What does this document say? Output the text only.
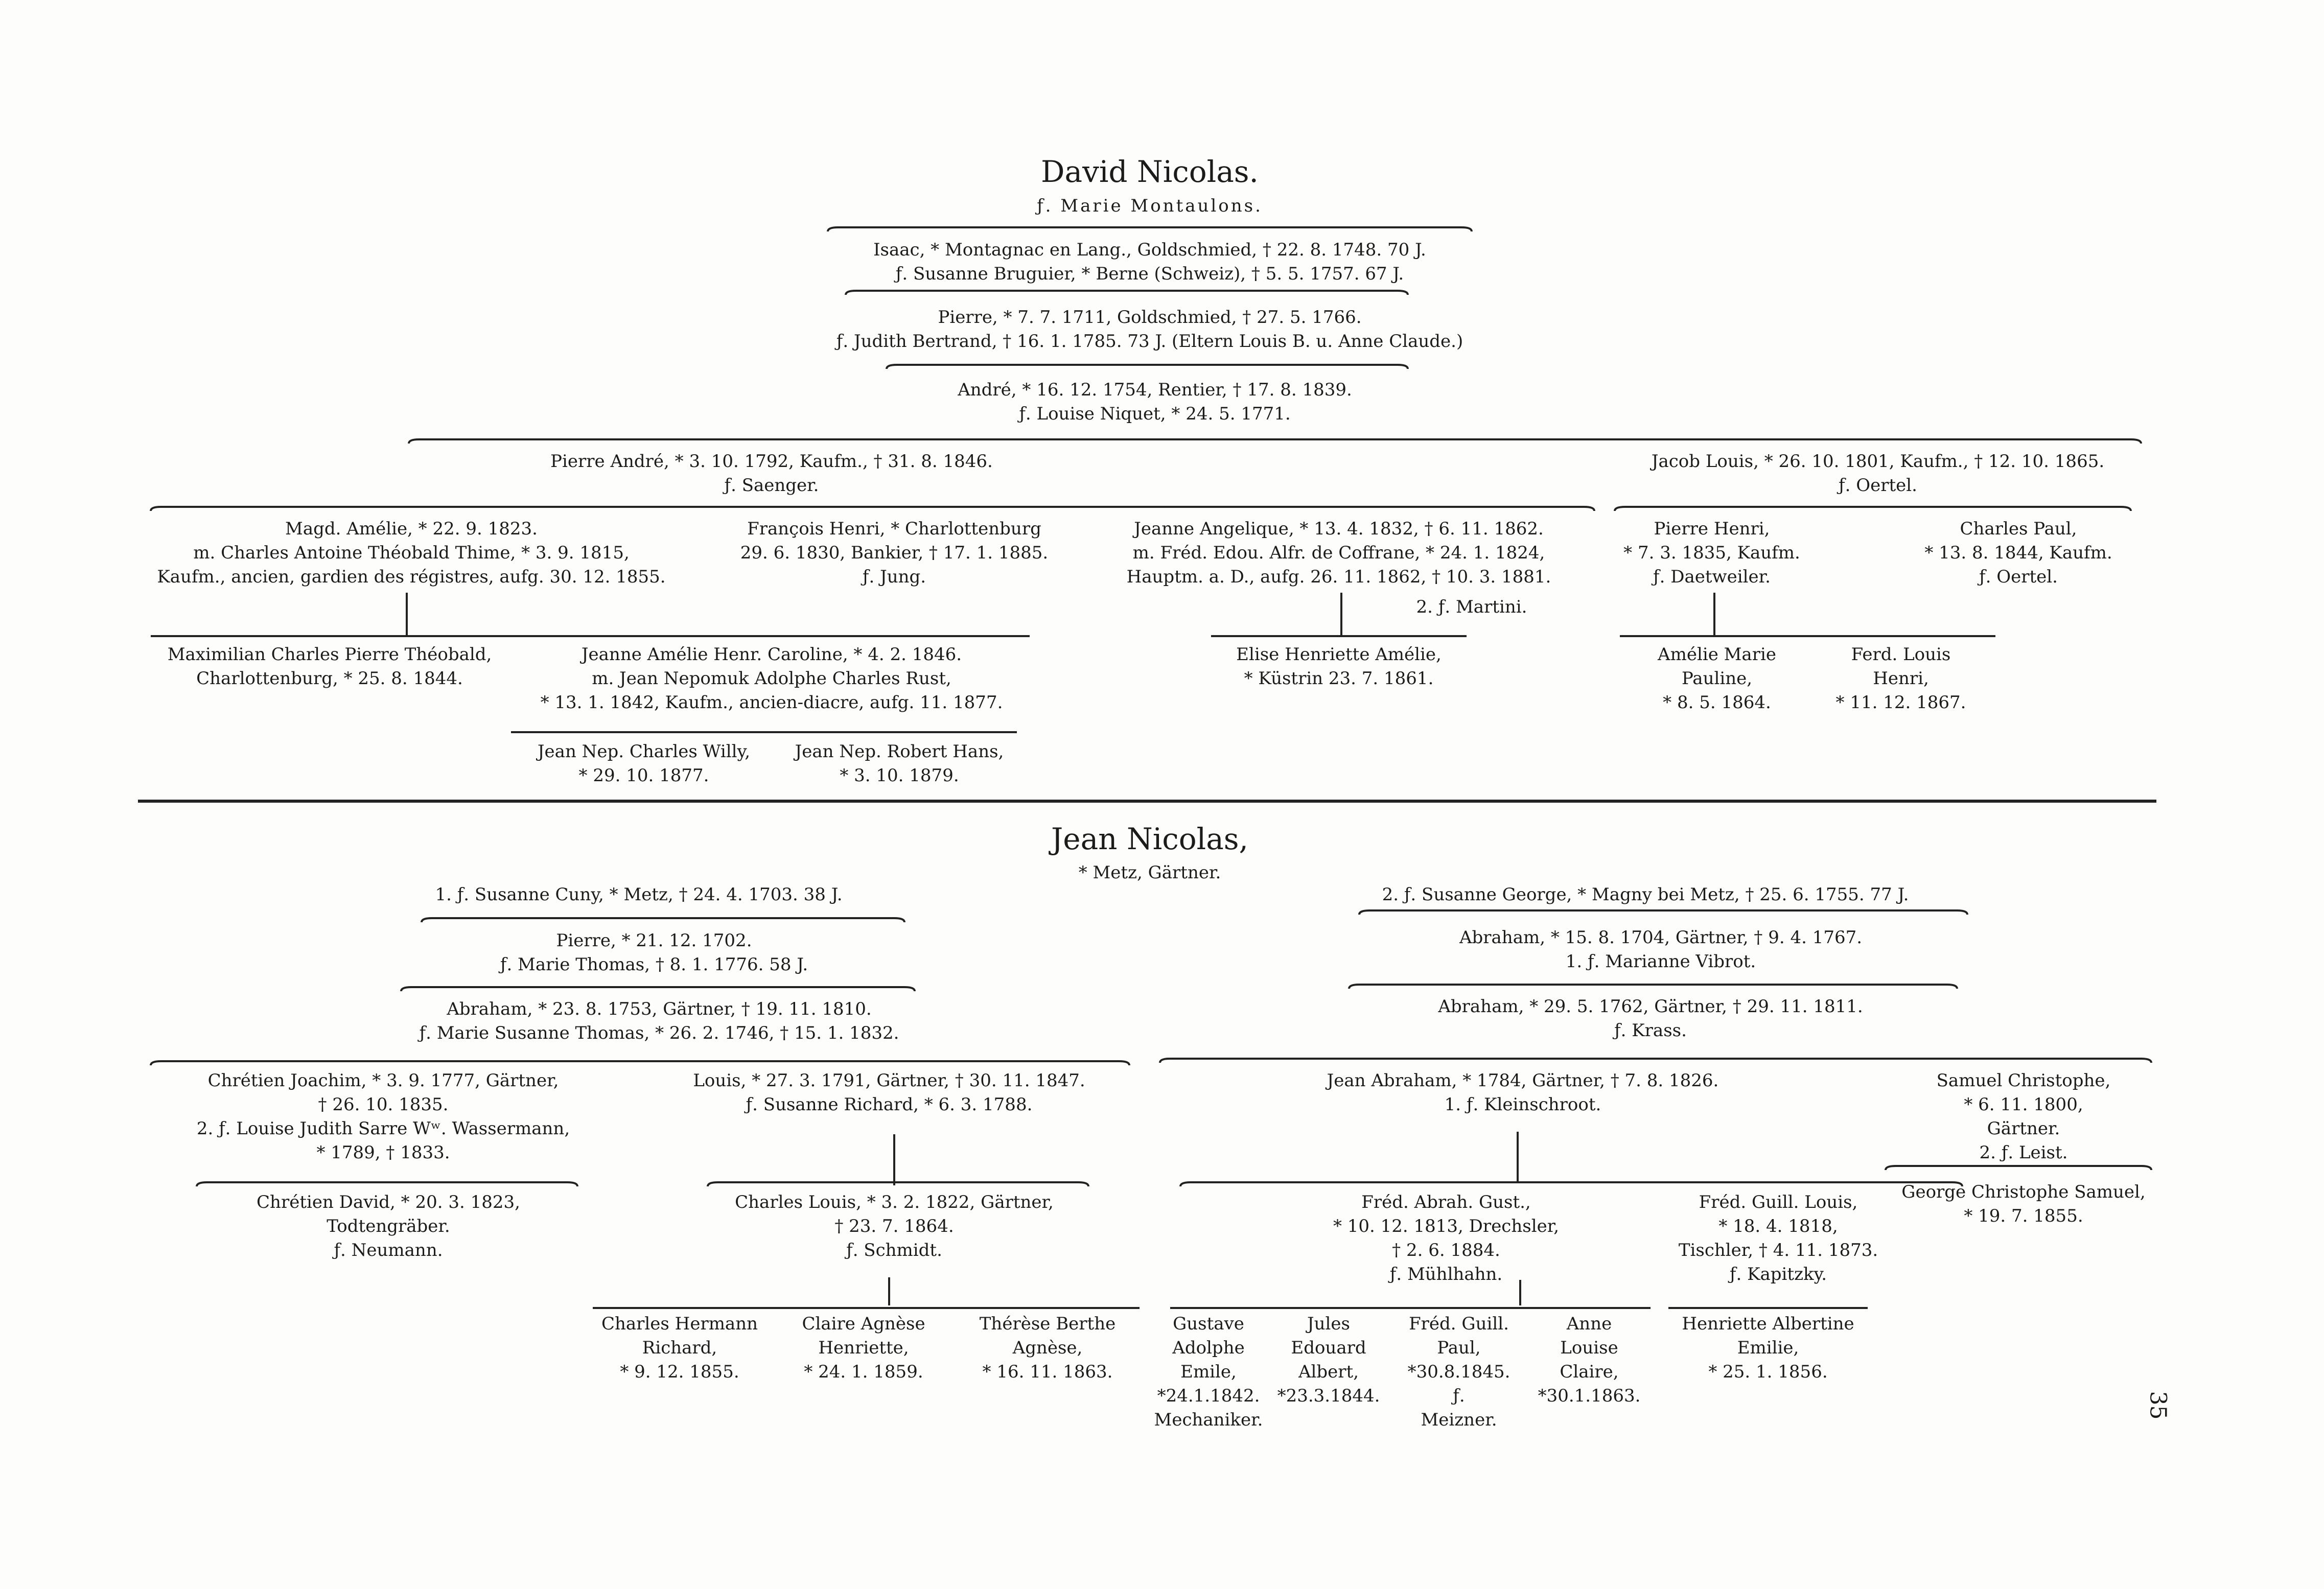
David Nicolas.
ƒ. Marie Montaulons.
Isaac, * Montagnac en Lang., Goldschmied, † 22. 8. 1748. 70 J.
ƒ. Susanne Bruguier, * Berne (Schweiz), † 5. 5. 1757. 67 J.
Pierre, * 7. 7. 1711, Goldschmied, † 27. 5. 1766.
ƒ. Judith Bertrand, † 16. 1. 1785. 73 J. (Eltern Louis B. u. Anne Claude.)
André, * 16. 12. 1754, Rentier, † 17. 8. 1839.
ƒ. Louise Niquet, * 24. 5. 1771.
Pierre André, * 3. 10. 1792, Kaufm., † 31. 8. 1846.
ƒ. Saenger.
Jacob Louis, * 26. 10. 1801, Kaufm., † 12. 10. 1865.
ƒ. Oertel.
Magd. Amélie, * 22. 9. 1823.
m. Charles Antoine Théobald Thime, * 3. 9. 1815,
Kaufm., ancien, gardien des régistres, aufg. 30. 12. 1855.
François Henri, * Charlottenburg
29. 6. 1830, Bankier, † 17. 1. 1885.
ƒ. Jung.
Jeanne Angelique, * 13. 4. 1832, † 6. 11. 1862.
m. Fréd. Edou. Alfr. de Coffrane, * 24. 1. 1824,
Hauptm. a. D., aufg. 26. 11. 1862, † 10. 3. 1881.
2. ƒ. Martini.
Pierre Henri,
* 7. 3. 1835, Kaufm.
ƒ. Daetweiler.
Charles Paul,
* 13. 8. 1844, Kaufm.
ƒ. Oertel.
Maximilian Charles Pierre Théobald,
Charlottenburg, * 25. 8. 1844.
Jeanne Amélie Henr. Caroline, * 4. 2. 1846.
m. Jean Nepomuk Adolphe Charles Rust,
* 13. 1. 1842, Kaufm., ancien-diacre, aufg. 11. 1877.
Jean Nep. Charles Willy,
* 29. 10. 1877.
Jean Nep. Robert Hans,
* 3. 10. 1879.
Elise Henriette Amélie,
* Küstrin 23. 7. 1861.
Amélie Marie
Pauline,
* 8. 5. 1864.
Ferd. Louis
Henri,
* 11. 12. 1867.
Jean Nicolas,
* Metz, Gärtner.
1. ƒ. Susanne Cuny, * Metz, † 24. 4. 1703. 38 J.	2. ƒ. Susanne George, * Magny bei Metz, † 25. 6. 1755. 77 J.
Pierre, * 21. 12. 1702.
ƒ. Marie Thomas, † 8. 1. 1776. 58 J.
Abraham, * 15. 8. 1704, Gärtner, † 9. 4. 1767.
1. ƒ. Marianne Vibrot.
Abraham, * 23. 8. 1753, Gärtner, † 19. 11. 1810.
ƒ. Marie Susanne Thomas, * 26. 2. 1746, † 15. 1. 1832.
Abraham, * 29. 5. 1762, Gärtner, † 29. 11. 1811.
ƒ. Krass.
Chrétien Joachim, * 3. 9. 1777, Gärtner,
† 26. 10. 1835.
2. ƒ. Louise Judith Sarre Wʷ. Wassermann,
* 1789, † 1833.
Louis, * 27. 3. 1791, Gärtner, † 30. 11. 1847.
ƒ. Susanne Richard, * 6. 3. 1788.
Jean Abraham, * 1784, Gärtner, † 7. 8. 1826.
1. ƒ. Kleinschroot.
Samuel Christophe,
* 6. 11. 1800,
Gärtner.
2. ƒ. Leist.
Chrétien David, * 20. 3. 1823,
Todtengräber.
ƒ. Neumann.
Charles Louis, * 3. 2. 1822, Gärtner,
† 23. 7. 1864.
ƒ. Schmidt.
Fréd. Abrah. Gust.,
* 10. 12. 1813, Drechsler,
† 2. 6. 1884.
ƒ. Mühlhahn.
Fréd. Guill. Louis,
* 18. 4. 1818,
Tischler, † 4. 11. 1873.
ƒ. Kapitzky.
George Christophe Samuel,
* 19. 7. 1855.
Charles Hermann
Richard,
* 9. 12. 1855.
Claire Agnèse
Henriette,
* 24. 1. 1859.
Thérèse Berthe
Agnèse,
* 16. 11. 1863.
Gustave
Adolphe
Emile,
*24.1.1842.
Mechaniker.
Jules
Edouard
Albert,
*23.3.1844.
Fréd. Guill.
Paul,
*30.8.1845.
ƒ.
Meizner.
Anne
Louise
Claire,
*30.1.1863.
Henriette Albertine
Emilie,
* 25. 1. 1856.
35
